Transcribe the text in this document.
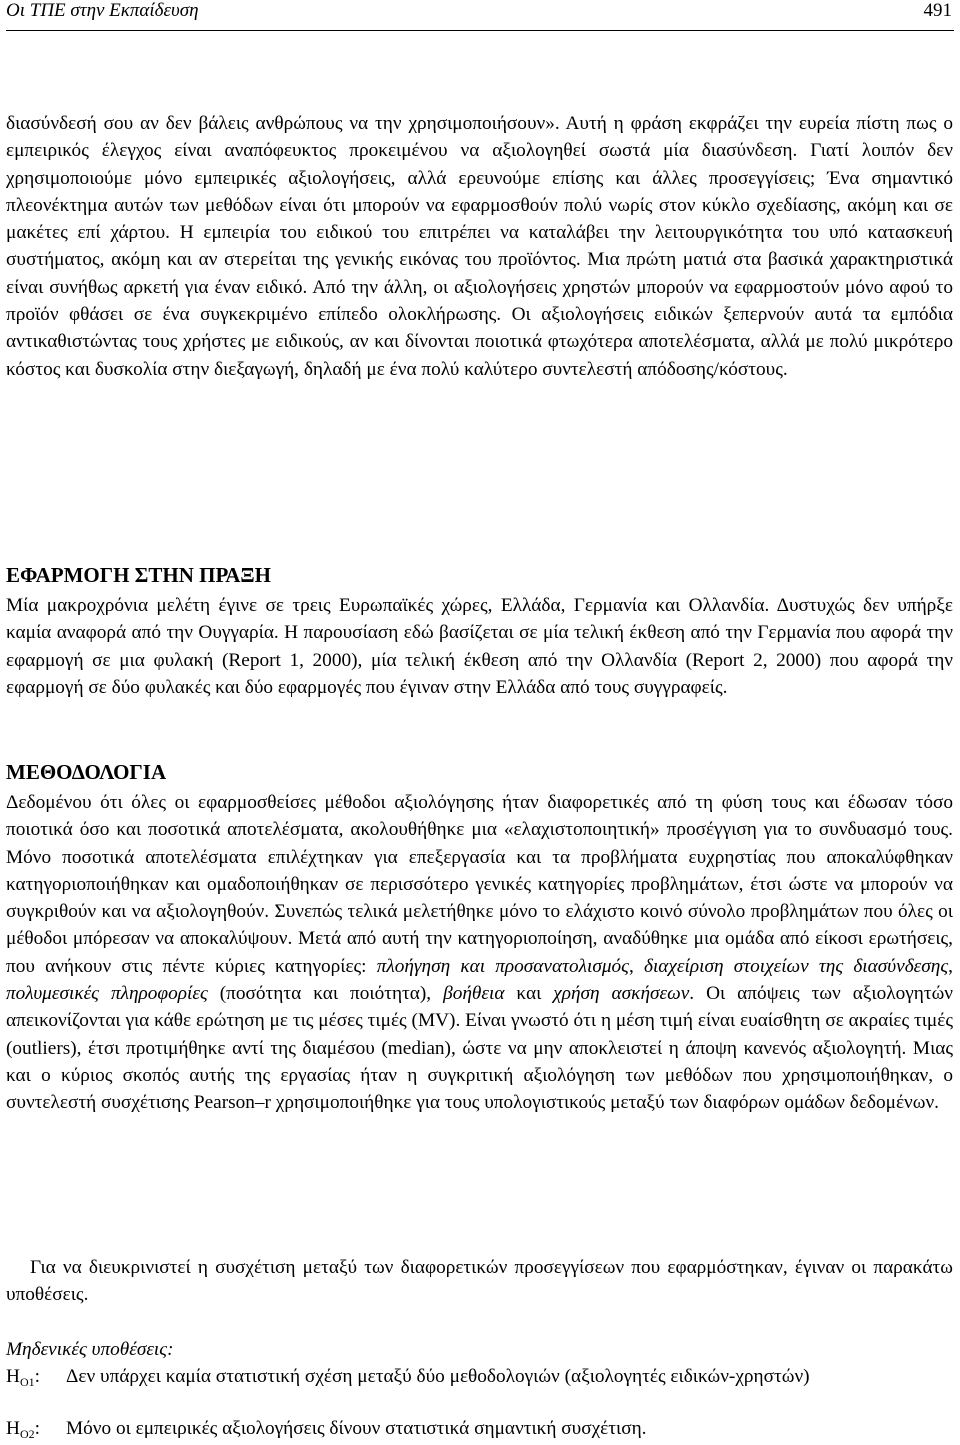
Οι ΤΠΕ στην Εκπαίδευση	491

διασύνδεσή σου αν δεν βάλεις ανθρώπους να την χρησιμοποιήσουν». Αυτή η φράση εκφράζει την ευρεία πίστη πως ο εμπειρικός έλεγχος είναι αναπόφευκτος προκειμένου να αξιολογηθεί σωστά μία διασύνδεση. Γιατί λοιπόν δεν χρησιμοποιούμε μόνο εμπειρικές αξιολογήσεις, αλλά ερευνούμε επίσης και άλλες προσεγγίσεις; Ένα σημαντικό πλεονέκτημα αυτών των μεθόδων είναι ότι μπορούν να εφαρμοσθούν πολύ νωρίς στον κύκλο σχεδίασης, ακόμη και σε μακέτες επί χάρτου. Η εμπειρία του ειδικού του επιτρέπει να καταλάβει την λειτουργικότητα του υπό κατασκευή συστήματος, ακόμη και αν στερείται της γενικής εικόνας του προϊόντος. Μια πρώτη ματιά στα βασικά χαρακτηριστικά είναι συνήθως αρκετή για έναν ειδικό. Από την άλλη, οι αξιολογήσεις χρηστών μπορούν να εφαρμοστούν μόνο αφού το προϊόν φθάσει σε ένα συγκεκριμένο επίπεδο ολοκλήρωσης. Οι αξιολογήσεις ειδικών ξεπερνούν αυτά τα εμπόδια αντικαθιστώντας τους χρήστες με ειδικούς, αν και δίνονται ποιοτικά φτωχότερα αποτελέσματα, αλλά με πολύ μικρότερο κόστος και δυσκολία στην διεξαγωγή, δηλαδή με ένα πολύ καλύτερο συντελεστή απόδοσης/κόστους.

ΕΦΑΡΜΟΓΗ ΣΤΗΝ ΠΡΑΞΗ

Μία μακροχρόνια μελέτη έγινε σε τρεις Ευρωπαϊκές χώρες, Ελλάδα, Γερμανία και Ολλανδία. Δυστυχώς δεν υπήρξε καμία αναφορά από την Ουγγαρία. Η παρουσίαση εδώ βασίζεται σε μία τελική έκθεση από την Γερμανία που αφορά την εφαρμογή σε μια φυλακή (Report 1, 2000), μία τελική έκθεση από την Ολλανδία (Report 2, 2000) που αφορά την εφαρμογή σε δύο φυλακές και δύο εφαρμογές που έγιναν στην Ελλάδα από τους συγγραφείς.

ΜΕΘΟΔΟΛΟΓΙΑ

Δεδομένου ότι όλες οι εφαρμοσθείσες μέθοδοι αξιολόγησης ήταν διαφορετικές από τη φύση τους και έδωσαν τόσο ποιοτικά όσο και ποσοτικά αποτελέσματα, ακολουθήθηκε μια «ελαχιστοποιητική» προσέγγιση για το συνδυασμό τους. Μόνο ποσοτικά αποτελέσματα επιλέχτηκαν για επεξεργασία και τα προβλήματα ευχρηστίας που αποκαλύφθηκαν κατηγοριοποιήθηκαν και ομαδοποιήθηκαν σε περισσότερο γενικές κατηγορίες προβλημάτων, έτσι ώστε να μπορούν να συγκριθούν και να αξιολογηθούν. Συνεπώς τελικά μελετήθηκε μόνο το ελάχιστο κοινό σύνολο προβλημάτων που όλες οι μέθοδοι μπόρεσαν να αποκαλύψουν. Μετά από αυτή την κατηγοριοποίηση, αναδύθηκε μια ομάδα από είκοσι ερωτήσεις, που ανήκουν στις πέντε κύριες κατηγορίες: πλοήγηση και προσανατολισμός, διαχείριση στοιχείων της διασύνδεσης, πολυμεσικές πληροφορίες (ποσότητα και ποιότητα), βοήθεια και χρήση ασκήσεων. Οι απόψεις των αξιολογητών απεικονίζονται για κάθε ερώτηση με τις μέσες τιμές (MV). Είναι γνωστό ότι η μέση τιμή είναι ευαίσθητη σε ακραίες τιμές (outliers), έτσι προτιμήθηκε αντί της διαμέσου (median), ώστε να μην αποκλειστεί η άποψη κανενός αξιολογητή. Μιας και ο κύριος σκοπός αυτής της εργασίας ήταν η συγκριτική αξιολόγηση των μεθόδων που χρησιμοποιήθηκαν, ο συντελεστή συσχέτισης Pearson–r χρησιμοποιήθηκε για τους υπολογιστικούς μεταξύ των διαφόρων ομάδων δεδομένων.

Για να διευκρινιστεί η συσχέτιση μεταξύ των διαφορετικών προσεγγίσεων που εφαρμόστηκαν, έγιναν οι παρακάτω υποθέσεις.

Μηδενικές υποθέσεις:
$H_{O1}$:	Δεν υπάρχει καμία στατιστική σχέση μεταξύ δύο μεθοδολογιών (αξιολογητές ειδικών-χρηστών)
$H_{O2}$:	Μόνο οι εμπειρικές αξιολογήσεις δίνουν στατιστικά σημαντική συσχέτιση.
